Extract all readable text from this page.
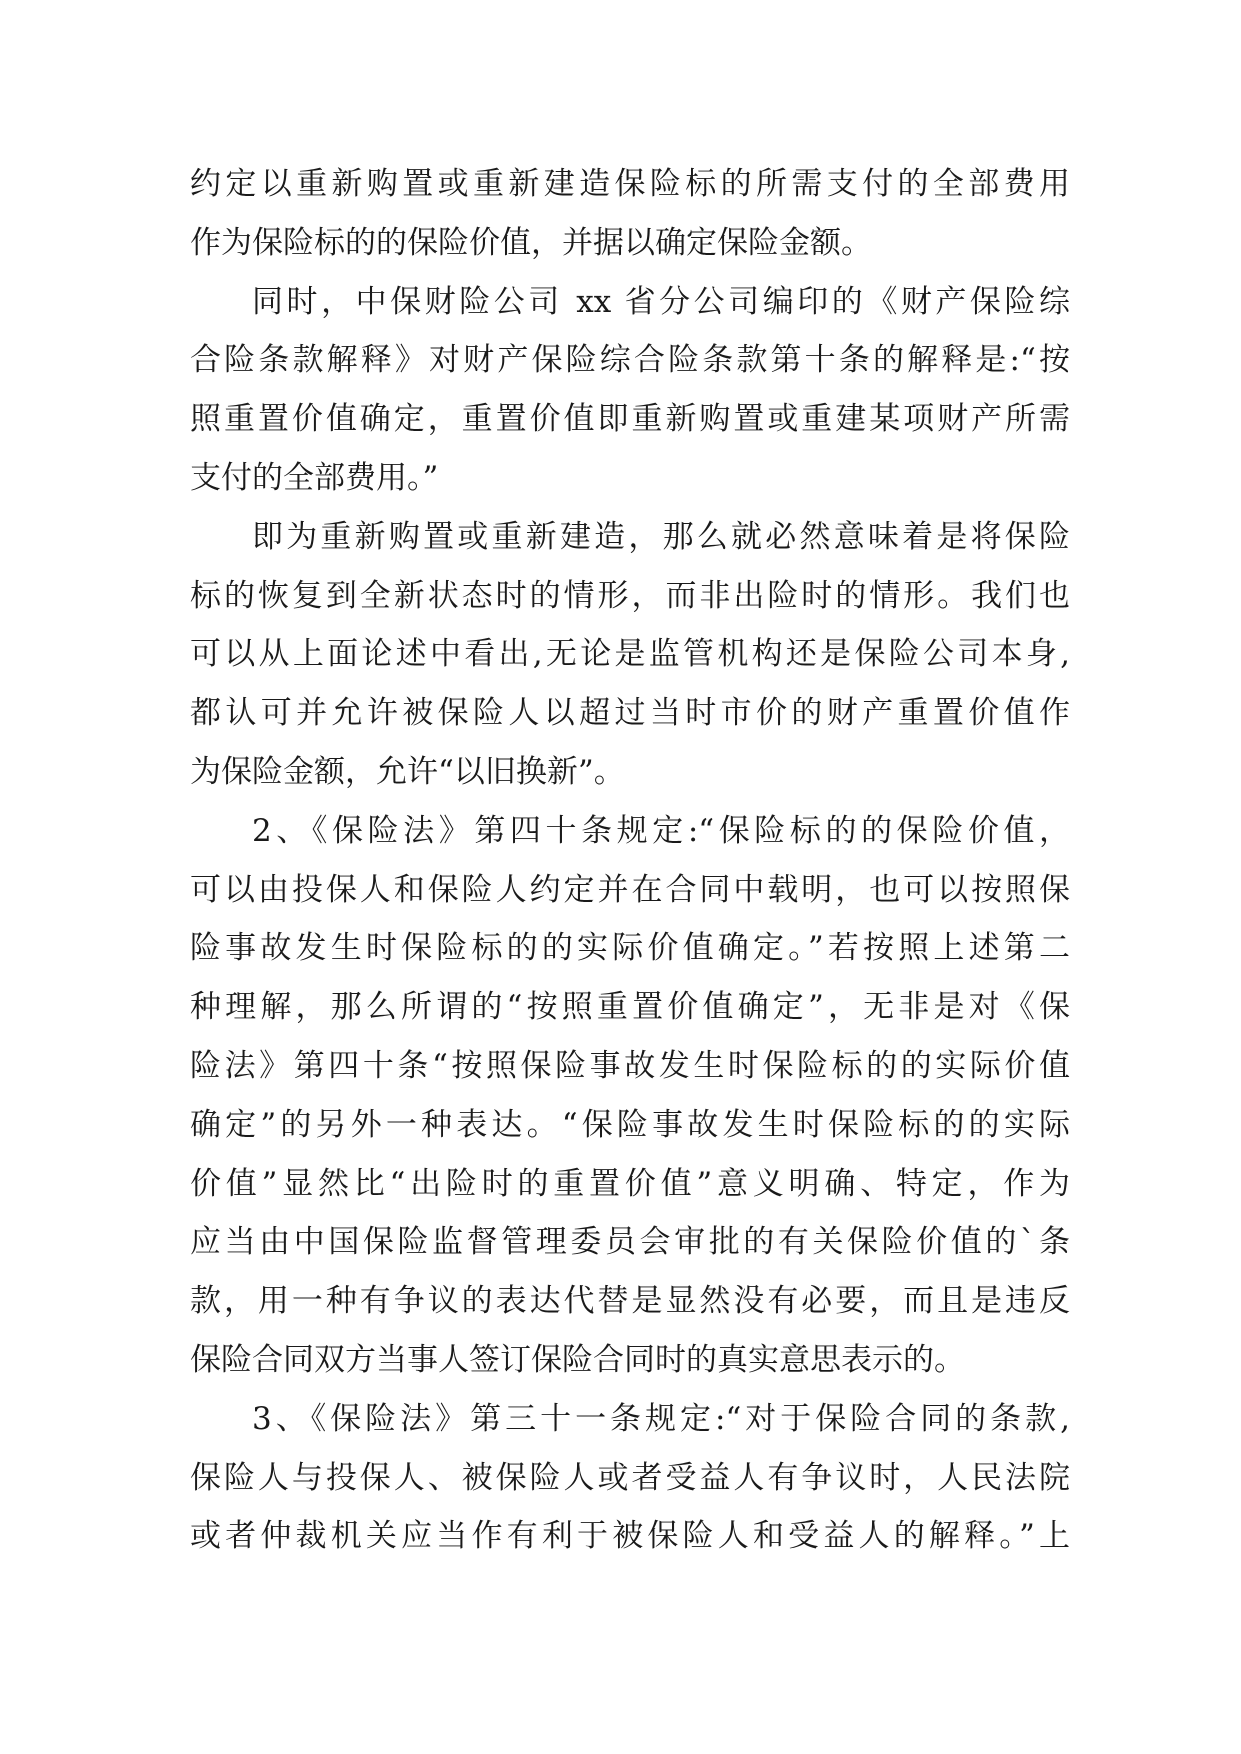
约定以重新购置或重新建造保险标的所需支付的全部费用
作为保险标的的保险价值，并据以确定保险金额。
同时，中保财险公司 xx 省分公司编印的《财产保险综
合险条款解释》对财产保险综合险条款第十条的解释是:“按
照重置价值确定，重置价值即重新购置或重建某项财产所需
支付的全部费用。”
即为重新购置或重新建造，那么就必然意味着是将保险
标的恢复到全新状态时的情形，而非出险时的情形。我们也
可以从上面论述中看出,无论是监管机构还是保险公司本身,
都认可并允许被保险人以超过当时市价的财产重置价值作
为保险金额，允许“以旧换新”。
2、《保险法》第四十条规定:“保险标的的保险价值，
可以由投保人和保险人约定并在合同中载明，也可以按照保
险事故发生时保险标的的实际价值确定。”若按照上述第二
种理解，那么所谓的“按照重置价值确定”，无非是对《保
险法》第四十条“按照保险事故发生时保险标的的实际价值
确定”的另外一种表达。“保险事故发生时保险标的的实际
价值”显然比“出险时的重置价值”意义明确、特定，作为
应当由中国保险监督管理委员会审批的有关保险价值的`条
款，用一种有争议的表达代替是显然没有必要，而且是违反
保险合同双方当事人签订保险合同时的真实意思表示的。
3、《保险法》第三十一条规定:“对于保险合同的条款,
保险人与投保人、被保险人或者受益人有争议时，人民法院
或者仲裁机关应当作有利于被保险人和受益人的解释。”上
